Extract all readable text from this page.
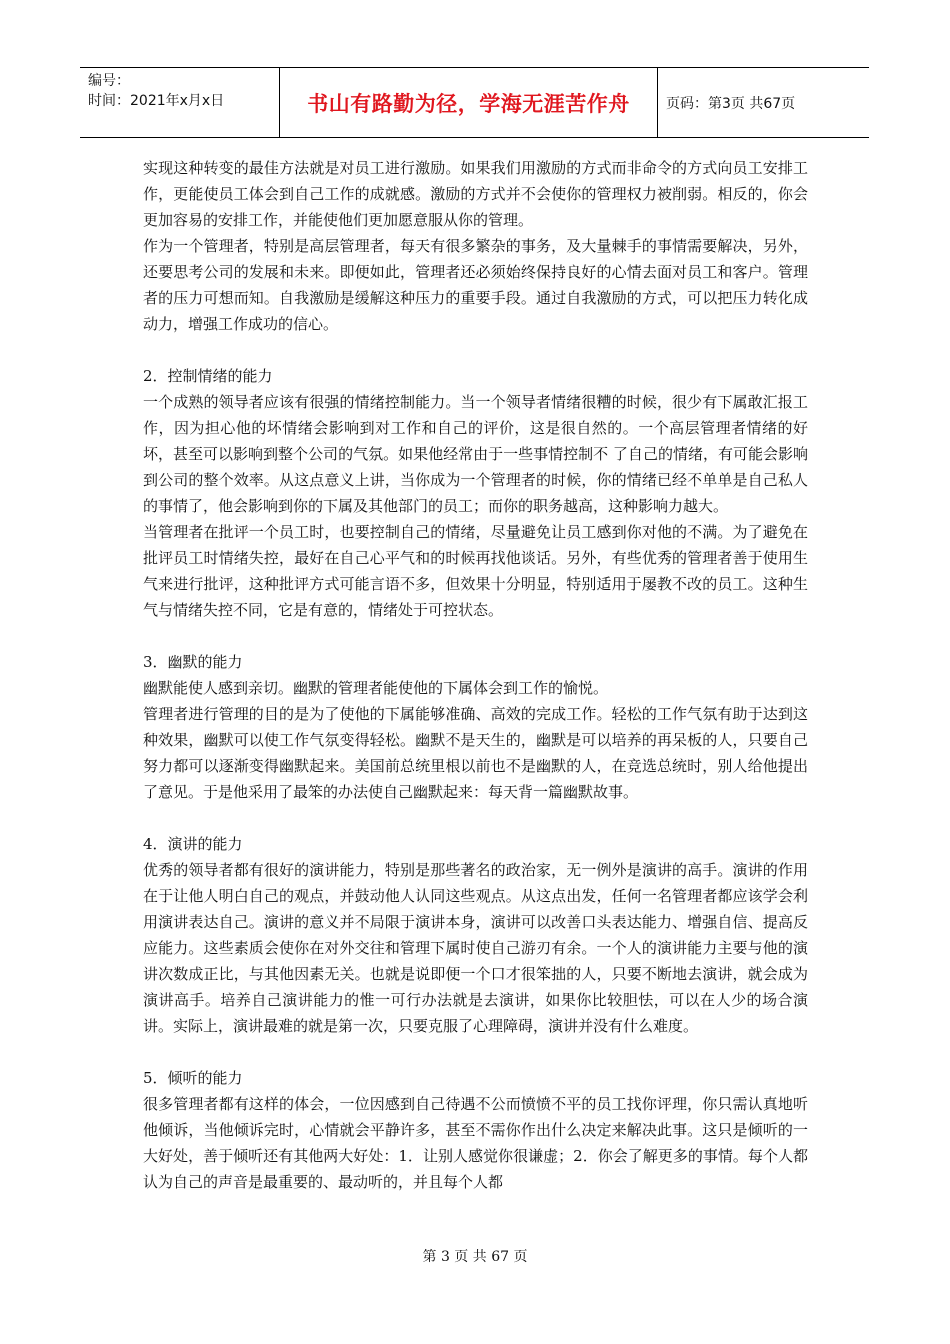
编号：
时间：2021年x月x日	书山有路勤为径，学海无涯苦作舟	页码：第3页 共67页

实现这种转变的最佳方法就是对员工进行激励。如果我们用激励的方式而非命令的方式向员工安排工作，更能使员工体会到自己工作的成就感。激励的方式并不会使你的管理权力被削弱。相反的，你会更加容易的安排工作，并能使他们更加愿意服从你的管理。

作为一个管理者，特别是高层管理者，每天有很多繁杂的事务，及大量棘手的事情需要解决，另外，还要思考公司的发展和未来。即便如此，管理者还必须始终保持良好的心情去面对员工和客户。管理者的压力可想而知。自我激励是缓解这种压力的重要手段。通过自我激励的方式，可以把压力转化成动力，增强工作成功的信心。

2．控制情绪的能力

一个成熟的领导者应该有很强的情绪控制能力。当一个领导者情绪很糟的时候，很少有下属敢汇报工作，因为担心他的坏情绪会影响到对工作和自己的评价，这是很自然的。一个高层管理者情绪的好坏，甚至可以影响到整个公司的气氛。如果他经常由于一些事情控制不 了自己的情绪，有可能会影响到公司的整个效率。从这点意义上讲，当你成为一个管理者的时候，你的情绪已经不单单是自己私人的事情了，他会影响到你的下属及其他部门的员工；而你的职务越高，这种影响力越大。

当管理者在批评一个员工时，也要控制自己的情绪，尽量避免让员工感到你对他的不满。为了避免在批评员工时情绪失控，最好在自己心平气和的时候再找他谈话。另外，有些优秀的管理者善于使用生气来进行批评，这种批评方式可能言语不多，但效果十分明显，特别适用于屡教不改的员工。这种生气与情绪失控不同，它是有意的，情绪处于可控状态。

3．幽默的能力

幽默能使人感到亲切。幽默的管理者能使他的下属体会到工作的愉悦。

管理者进行管理的目的是为了使他的下属能够准确、高效的完成工作。轻松的工作气氛有助于达到这种效果，幽默可以使工作气氛变得轻松。幽默不是天生的，幽默是可以培养的再呆板的人，只要自己努力都可以逐渐变得幽默起来。美国前总统里根以前也不是幽默的人，在竞选总统时，别人给他提出了意见。于是他采用了最笨的办法使自己幽默起来：每天背一篇幽默故事。

4．演讲的能力

优秀的领导者都有很好的演讲能力，特别是那些著名的政治家，无一例外是演讲的高手。演讲的作用在于让他人明白自己的观点，并鼓动他人认同这些观点。从这点出发，任何一名管理者都应该学会利用演讲表达自己。演讲的意义并不局限于演讲本身，演讲可以改善口头表达能力、增强自信、提高反应能力。这些素质会使你在对外交往和管理下属时使自己游刃有余。一个人的演讲能力主要与他的演讲次数成正比，与其他因素无关。也就是说即便一个口才很笨拙的人，只要不断地去演讲，就会成为演讲高手。培养自己演讲能力的惟一可行办法就是去演讲，如果你比较胆怯，可以在人少的场合演讲。实际上，演讲最难的就是第一次，只要克服了心理障碍，演讲并没有什么难度。

5．倾听的能力

很多管理者都有这样的体会，一位因感到自己待遇不公而愤愤不平的员工找你评理，你只需认真地听他倾诉，当他倾诉完时，心情就会平静许多，甚至不需你作出什么决定来解决此事。这只是倾听的一大好处，善于倾听还有其他两大好处：1．让别人感觉你很谦虚；2．你会了解更多的事情。每个人都认为自己的声音是最重要的、最动听的，并且每个人都

第 3 页 共 67 页
